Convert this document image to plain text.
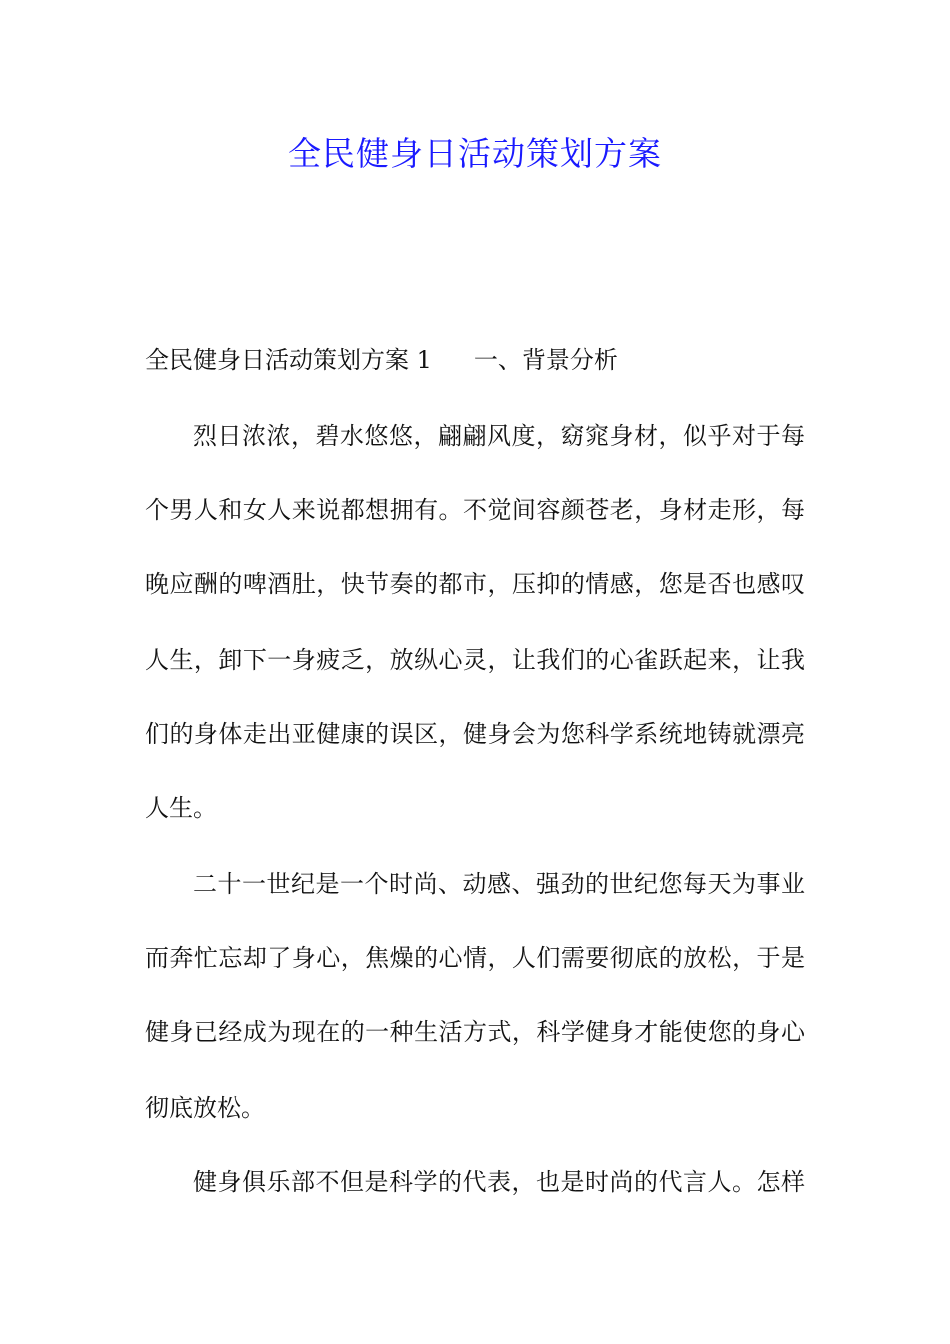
全民健身日活动策划方案
全民健身日活动策划方案 1 一、背景分析
烈日浓浓，碧水悠悠，翩翩风度，窈窕身材，似乎对于每
个男人和女人来说都想拥有。不觉间容颜苍老，身材走形，每
晚应酬的啤酒肚，快节奏的都市，压抑的情感，您是否也感叹
人生，卸下一身疲乏，放纵心灵，让我们的心雀跃起来，让我
们的身体走出亚健康的误区，健身会为您科学系统地铸就漂亮
人生。
二十一世纪是一个时尚、动感、强劲的世纪您每天为事业
而奔忙忘却了身心，焦燥的心情，人们需要彻底的放松，于是
健身已经成为现在的一种生活方式，科学健身才能使您的身心
彻底放松。
健身俱乐部不但是科学的代表，也是时尚的代言人。怎样
